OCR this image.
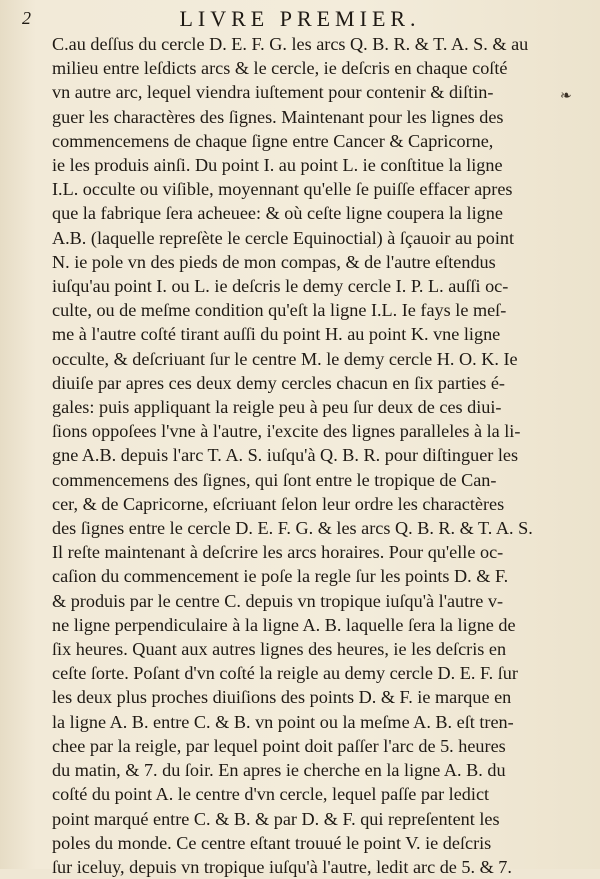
2	LIVRE PREMIER.
❧
C.au deſſus du cercle D. E. F. G. les arcs Q. B. R. & T. A. S. & au
milieu entre leſdicts arcs & le cercle, ie deſcris en chaque coſté
vn autre arc, lequel viendra iuſtement pour contenir & diſtin-
guer les charactères des ſignes. Maintenant pour les lignes des
commencemens de chaque ſigne entre Cancer & Capricorne,
ie les produis ainſi. Du point I. au point L. ie conſtitue la ligne
I.L. occulte ou viſible, moyennant qu'elle ſe puiſſe effacer apres
que la fabrique ſera acheuee: & où ceſte ligne coupera la ligne
A.B. (laquelle repreſète le cercle Equinoctial) à ſçauoir au point
N. ie pole vn des pieds de mon compas, & de l'autre eſtendus
iuſqu'au point I. ou L. ie deſcris le demy cercle I. P. L. auſſi oc-
culte, ou de meſme condition qu'eſt la ligne I.L. Ie fays le meſ-
me à l'autre coſté tirant auſſi du point H. au point K. vne ligne
occulte, & deſcriuant ſur le centre M. le demy cercle H. O. K. Ie
diuiſe par apres ces deux demy cercles chacun en ſix parties é-
gales: puis appliquant la reigle peu à peu ſur deux de ces diui-
ſions oppoſees l'vne à l'autre, i'excite des lignes paralleles à la li-
gne A.B. depuis l'arc T. A. S. iuſqu'à Q. B. R. pour diſtinguer les
commencemens des ſignes, qui ſont entre le tropique de Can-
cer, & de Capricorne, eſcriuant ſelon leur ordre les charactères
des ſignes entre le cercle D. E. F. G. & les arcs Q. B. R. & T. A. S.
Il reſte maintenant à deſcrire les arcs horaires. Pour qu'elle oc-
caſion du commencement ie poſe la regle ſur les points D. & F.
& produis par le centre C. depuis vn tropique iuſqu'à l'autre v-
ne ligne perpendiculaire à la ligne A. B. laquelle ſera la ligne de
ſix heures. Quant aux autres lignes des heures, ie les deſcris en
ceſte ſorte. Poſant d'vn coſté la reigle au demy cercle D. E. F. ſur
les deux plus proches diuiſions des points D. & F. ie marque en
la ligne A. B. entre C. & B. vn point ou la meſme A. B. eſt tren-
chee par la reigle, par lequel point doit paſſer l'arc de 5. heures
du matin, & 7. du ſoir. En apres ie cherche en la ligne A. B. du
coſté du point A. le centre d'vn cercle, lequel paſſe par ledict
point marqué entre C. & B. & par D. & F. qui repreſentent les
poles du monde. Ce centre eſtant trouué le point V. ie deſcris
ſur iceluy, depuis vn tropique iuſqu'à l'autre, ledit arc de 5. & 7.
